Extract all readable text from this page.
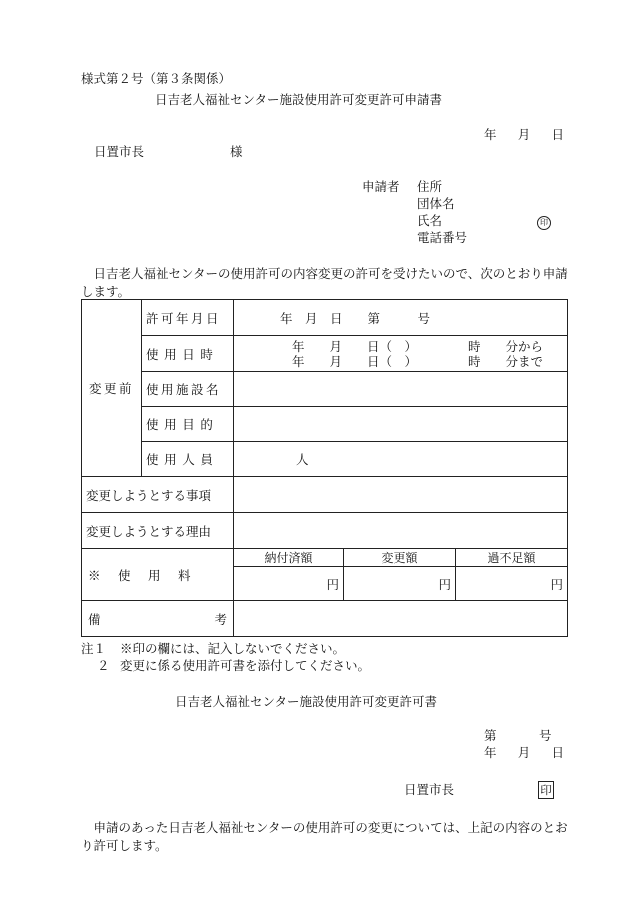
様式第２号（第３条関係）
日吉老人福祉センター施設使用許可変更許可申請書
年　月　日
日置市長	様
申請者 住所
団体名
氏名	印
電話番号
日吉老人福祉センターの使用許可の内容変更の許可を受けたいので、次のとおり申請します。
変更前	許可年月日	年　月　日　　第　　　号		
	使用日時	年　　月　　日（　） 時　　分から
年　　月　　日（　） 時　　分まで		

	使用施設名			
	使用目的			
	使用人員	人		
変更しようとする事項				
変更しようとする理由				
※　使　用　料		納付済額	変更額	過不足額
		円	円	円

備 考				

注１ ※印の欄には、記入しないでください。
２ 変更に係る使用許可書を添付してください。
日吉老人福祉センター施設使用許可変更許可書
第　　　号
年　月　日
日置市長	印
申請のあった日吉老人福祉センターの使用許可の変更については、上記の内容のとおり許可します。
